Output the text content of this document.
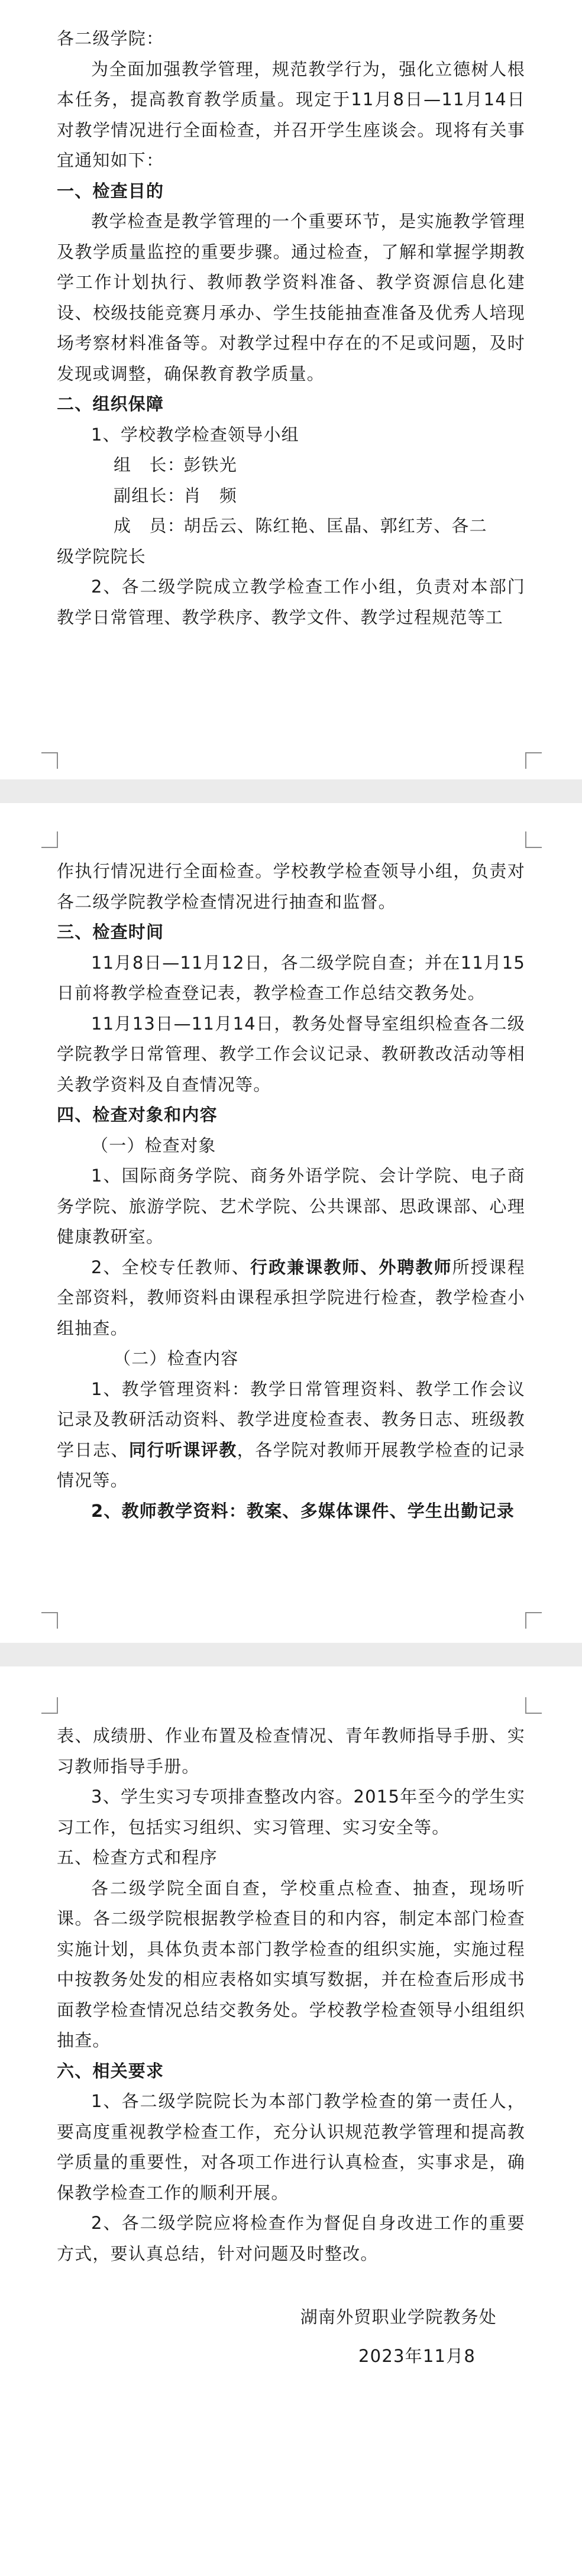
各二级学院：

为全面加强教学管理，规范教学行为，强化立德树人根本任务，提高教育教学质量。现定于11月8日—11月14日对教学情况进行全面检查，并召开学生座谈会。现将有关事宜通知如下：

一、检查目的

教学检查是教学管理的一个重要环节，是实施教学管理及教学质量监控的重要步骤。通过检查，了解和掌握学期教学工作计划执行、教师教学资料准备、教学资源信息化建设、校级技能竞赛月承办、学生技能抽查准备及优秀人培现场考察材料准备等。对教学过程中存在的不足或问题，及时发现或调整，确保教育教学质量。

二、组织保障

1、学校教学检查领导小组

组　长： 彭铁光

副组长： 肖　频

成　员： 胡岳云、陈红艳、匡晶、郭红芳、各二

级学院院长

2、各二级学院成立教学检查工作小组，负责对本部门教学日常管理、教学秩序、教学文件、教学过程规范等工

作执行情况进行全面检查。学校教学检查领导小组，负责对各二级学院教学检查情况进行抽查和监督。

三、检查时间

11月8日—11月12日，各二级学院自查；并在11月15日前将教学检查登记表，教学检查工作总结交教务处。

11月13日—11月14日，教务处督导室组织检查各二级学院教学日常管理、教学工作会议记录、教研教改活动等相关教学资料及自查情况等。

四、检查对象和内容

（一）检查对象

1、国际商务学院、商务外语学院、会计学院、电子商务学院、旅游学院、艺术学院、公共课部、思政课部、心理健康教研室。

2、全校专任教师、行政兼课教师、外聘教师所授课程全部资料，教师资料由课程承担学院进行检查，教学检查小组抽查。

（二）检查内容

1、教学管理资料：教学日常管理资料、教学工作会议记录及教研活动资料、教学进度检查表、教务日志、班级教学日志、同行听课评教，各学院对教师开展教学检查的记录情况等。

2、教师教学资料：教案、多媒体课件、学生出勤记录

表、成绩册、作业布置及检查情况、青年教师指导手册、实习教师指导手册。

3、学生实习专项排查整改内容。2015年至今的学生实习工作，包括实习组织、实习管理、实习安全等。

五、检查方式和程序

各二级学院全面自查，学校重点检查、抽查，现场听课。各二级学院根据教学检查目的和内容，制定本部门检查实施计划，具体负责本部门教学检查的组织实施，实施过程中按教务处发的相应表格如实填写数据，并在检查后形成书面教学检查情况总结交教务处。学校教学检查领导小组组织抽查。

六、相关要求

1、各二级学院院长为本部门教学检查的第一责任人，要高度重视教学检查工作，充分认识规范教学管理和提高教学质量的重要性，对各项工作进行认真检查，实事求是，确保教学检查工作的顺利开展。

2、各二级学院应将检查作为督促自身改进工作的重要方式，要认真总结，针对问题及时整改。

湖南外贸职业学院教务处

2023年11月8
